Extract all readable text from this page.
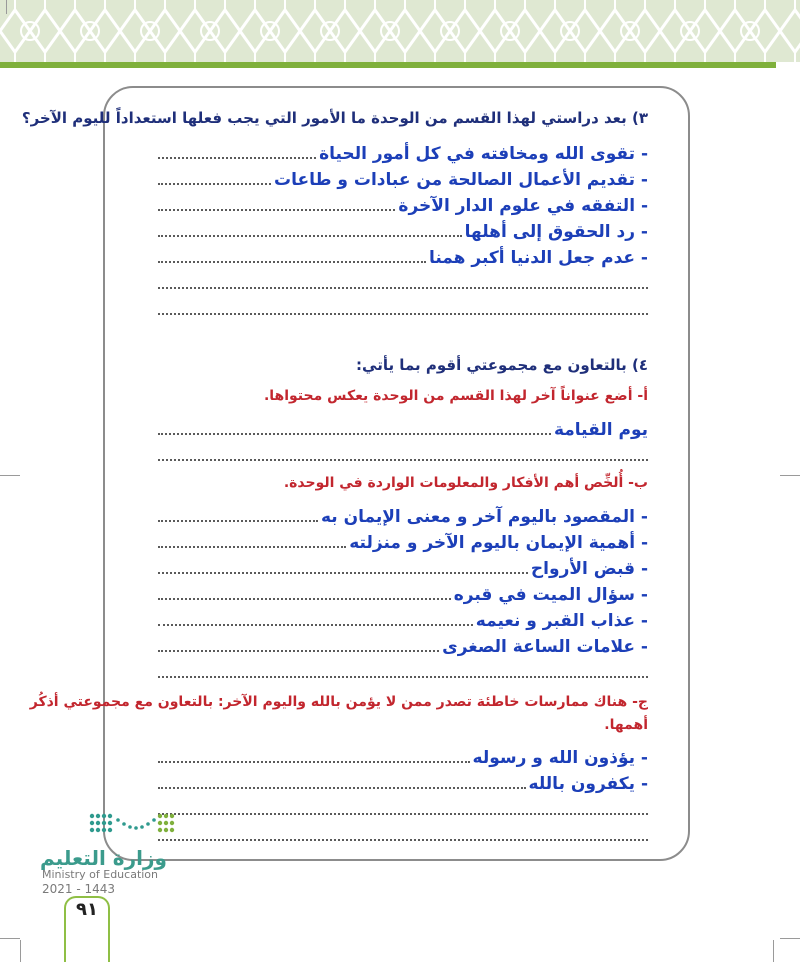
٣) بعد دراستي لهذا القسم من الوحدة ما الأمور التي يجب فعلها استعداداً لليوم الآخر؟
- تقوى الله ومخافته في كل أمور الحياة
- تقديم الأعمال الصالحة من عبادات و طاعات
- التفقه في علوم الدار الآخرة
- رد الحقوق إلى أهلها
- عدم جعل الدنيا أكبر همنا
٤) بالتعاون مع مجموعتي أقوم بما يأتي:
أ- أضع عنواناً آخر لهذا القسم من الوحدة يعكس محتواها.
يوم القيامة
ب- أُلخِّص أهم الأفكار والمعلومات الواردة في الوحدة.
- المقصود باليوم آخر و معنى الإيمان به
- أهمية الإيمان باليوم الآخر و منزلته
- قبض الأرواح
- سؤال الميت في قبره
- عذاب القبر و نعيمه
- علامات الساعة الصغرى
ج- هناك ممارسات خاطئة تصدر ممن لا يؤمن بالله واليوم الآخر: بالتعاون مع مجموعتي أذكُر
أهمها.
- يؤذون الله و رسوله
- يكفرون بالله
وزارة التعليم
Ministry of Education
2021 - 1443
٩١
